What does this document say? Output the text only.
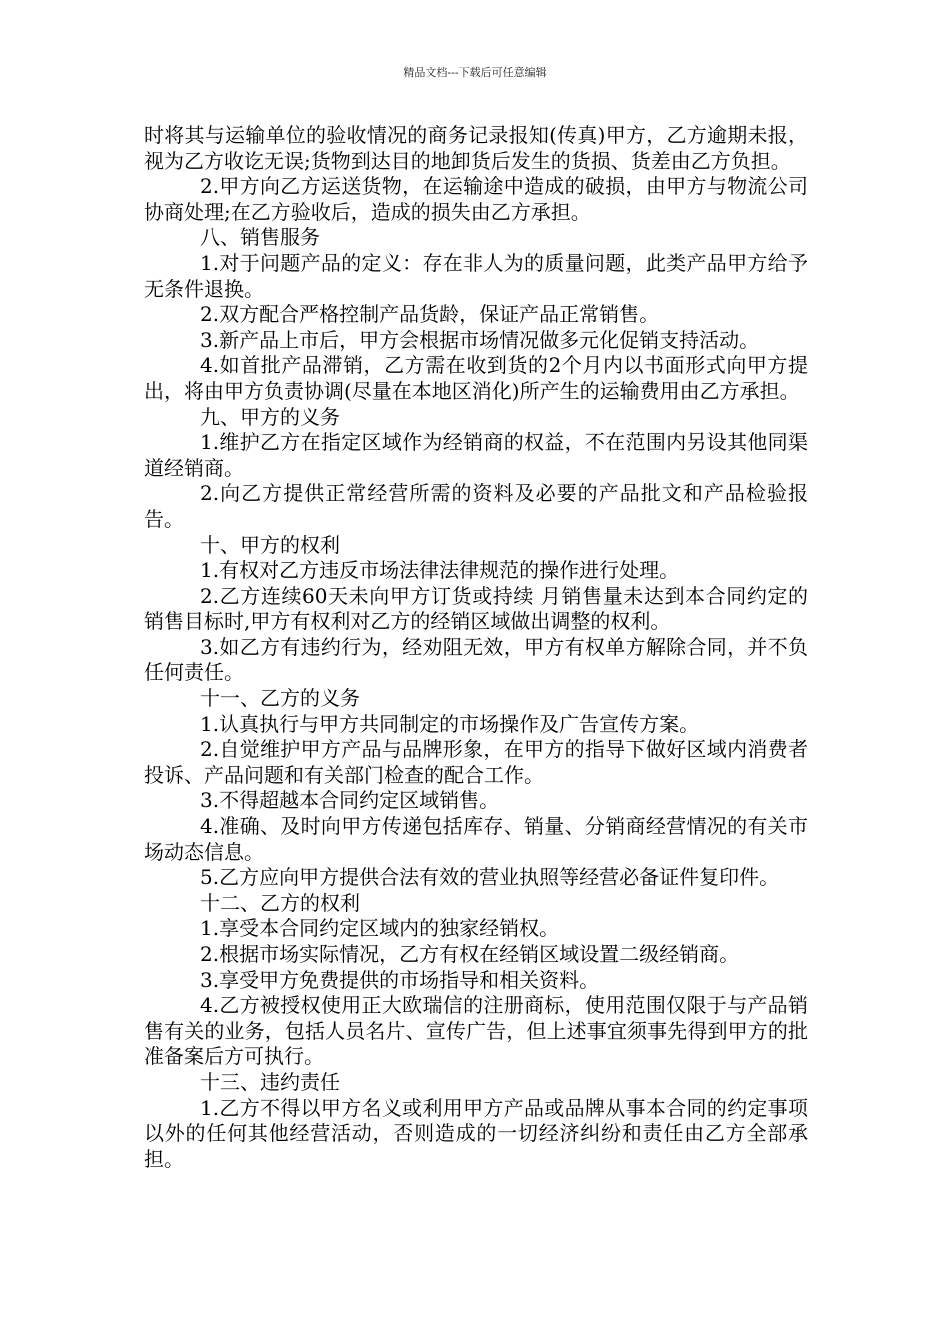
精品文档---下载后可任意编辑

时将其与运输单位的验收情况的商务记录报知(传真)甲方，乙方逾期未报，视为乙方收讫无误;货物到达目的地卸货后发生的货损、货差由乙方负担。

2.甲方向乙方运送货物，在运输途中造成的破损，由甲方与物流公司协商处理;在乙方验收后，造成的损失由乙方承担。

八、销售服务

1.对于问题产品的定义：存在非人为的质量问题，此类产品甲方给予无条件退换。

2.双方配合严格控制产品货龄，保证产品正常销售。

3.新产品上市后，甲方会根据市场情况做多元化促销支持活动。

4.如首批产品滞销，乙方需在收到货的2个月内以书面形式向甲方提出，将由甲方负责协调(尽量在本地区消化)所产生的运输费用由乙方承担。

九、甲方的义务

1.维护乙方在指定区域作为经销商的权益，不在范围内另设其他同渠道经销商。

2.向乙方提供正常经营所需的资料及必要的产品批文和产品检验报告。

十、甲方的权利

1.有权对乙方违反市场法律法律规范的操作进行处理。

2.乙方连续60天未向甲方订货或持续 月销售量未达到本合同约定的销售目标时,甲方有权利对乙方的经销区域做出调整的权利。

3.如乙方有违约行为，经劝阻无效，甲方有权单方解除合同，并不负任何责任。

十一、乙方的义务

1.认真执行与甲方共同制定的市场操作及广告宣传方案。

2.自觉维护甲方产品与品牌形象，在甲方的指导下做好区域内消费者投诉、产品问题和有关部门检查的配合工作。

3.不得超越本合同约定区域销售。

4.准确、及时向甲方传递包括库存、销量、分销商经营情况的有关市场动态信息。

5.乙方应向甲方提供合法有效的营业执照等经营必备证件复印件。

十二、乙方的权利

1.享受本合同约定区域内的独家经销权。

2.根据市场实际情况，乙方有权在经销区域设置二级经销商。

3.享受甲方免费提供的市场指导和相关资料。

4.乙方被授权使用正大欧瑞信的注册商标，使用范围仅限于与产品销售有关的业务，包括人员名片、宣传广告，但上述事宜须事先得到甲方的批准备案后方可执行。

十三、违约责任

1.乙方不得以甲方名义或利用甲方产品或品牌从事本合同的约定事项以外的任何其他经营活动，否则造成的一切经济纠纷和责任由乙方全部承担。
